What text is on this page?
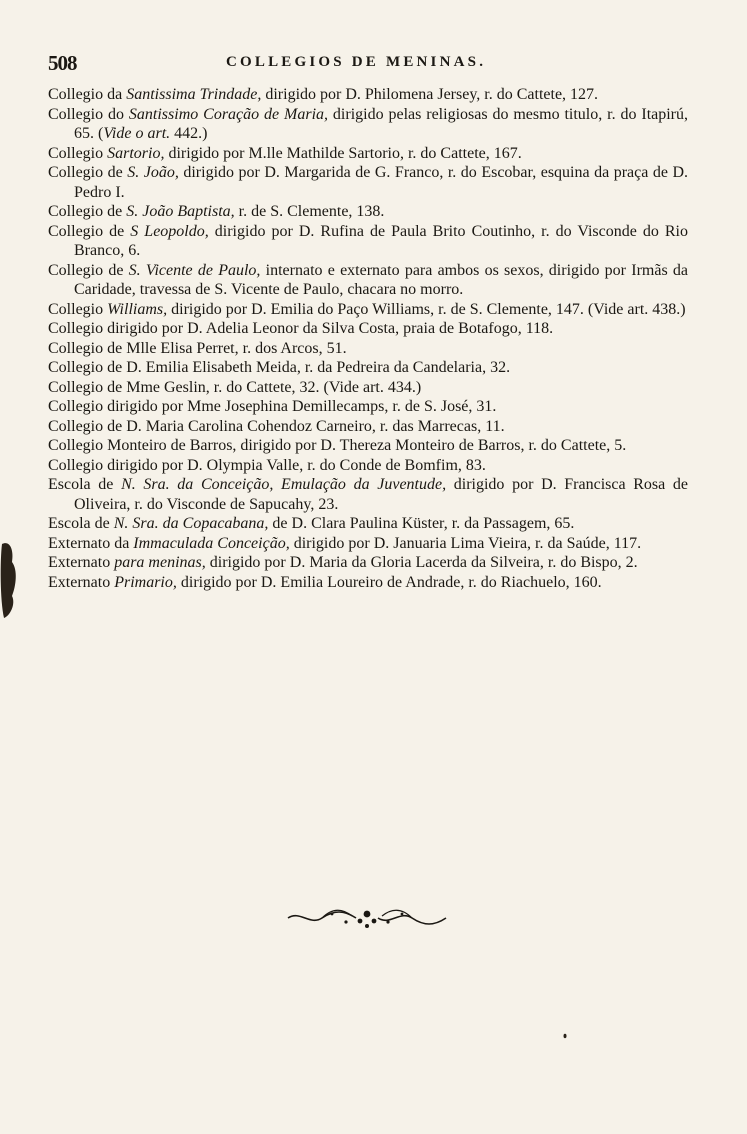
508	COLLEGIOS DE MENINAS.

Collegio da Santissima Trindade, dirigido por D. Philomena Jersey, r. do Cattete, 127.

Collegio do Santissimo Coração de Maria, dirigido pelas religiosas do mesmo titulo, r. do Itapirú, 65. (Vide o art. 442.)

Collegio Sartorio, dirigido por M.lle Mathilde Sartorio, r. do Cattete, 167.

Collegio de S. João, dirigido por D. Margarida de G. Franco, r. do Escobar, esquina da praça de D. Pedro I.

Collegio de S. João Baptista, r. de S. Clemente, 138.

Collegio de S Leopoldo, dirigido por D. Rufina de Paula Brito Coutinho, r. do Visconde do Rio Branco, 6.

Collegio de S. Vicente de Paulo, internato e externato para ambos os sexos, dirigido por Irmãs da Caridade, travessa de S. Vicente de Paulo, chacara no morro.

Collegio Williams, dirigido por D. Emilia do Paço Williams, r. de S. Clemente, 147. (Vide art. 438.)

Collegio dirigido por D. Adelia Leonor da Silva Costa, praia de Botafogo, 118.

Collegio de Mlle Elisa Perret, r. dos Arcos, 51.

Collegio de D. Emilia Elisabeth Meida, r. da Pedreira da Candelaria, 32.

Collegio de Mme Geslin, r. do Cattete, 32. (Vide art. 434.)

Collegio dirigido por Mme Josephina Demillecamps, r. de S. José, 31.

Collegio de D. Maria Carolina Cohendoz Carneiro, r. das Marrecas, 11.

Collegio Monteiro de Barros, dirigido por D. Thereza Monteiro de Barros, r. do Cattete, 5.

Collegio dirigido por D. Olympia Valle, r. do Conde de Bomfim, 83.

Escola de N. Sra. da Conceição, Emulação da Juventude, dirigido por D. Francisca Rosa de Oliveira, r. do Visconde de Sapucahy, 23.

Escola de N. Sra. da Copacabana, de D. Clara Paulina Küster, r. da Passagem, 65.

Externato da Immaculada Conceição, dirigido por D. Januaria Lima Vieira, r. da Saúde, 117.

Externato para meninas, dirigido por D. Maria da Gloria Lacerda da Silveira, r. do Bispo, 2.

Externato Primario, dirigido por D. Emilia Loureiro de Andrade, r. do Riachuelo, 160.
